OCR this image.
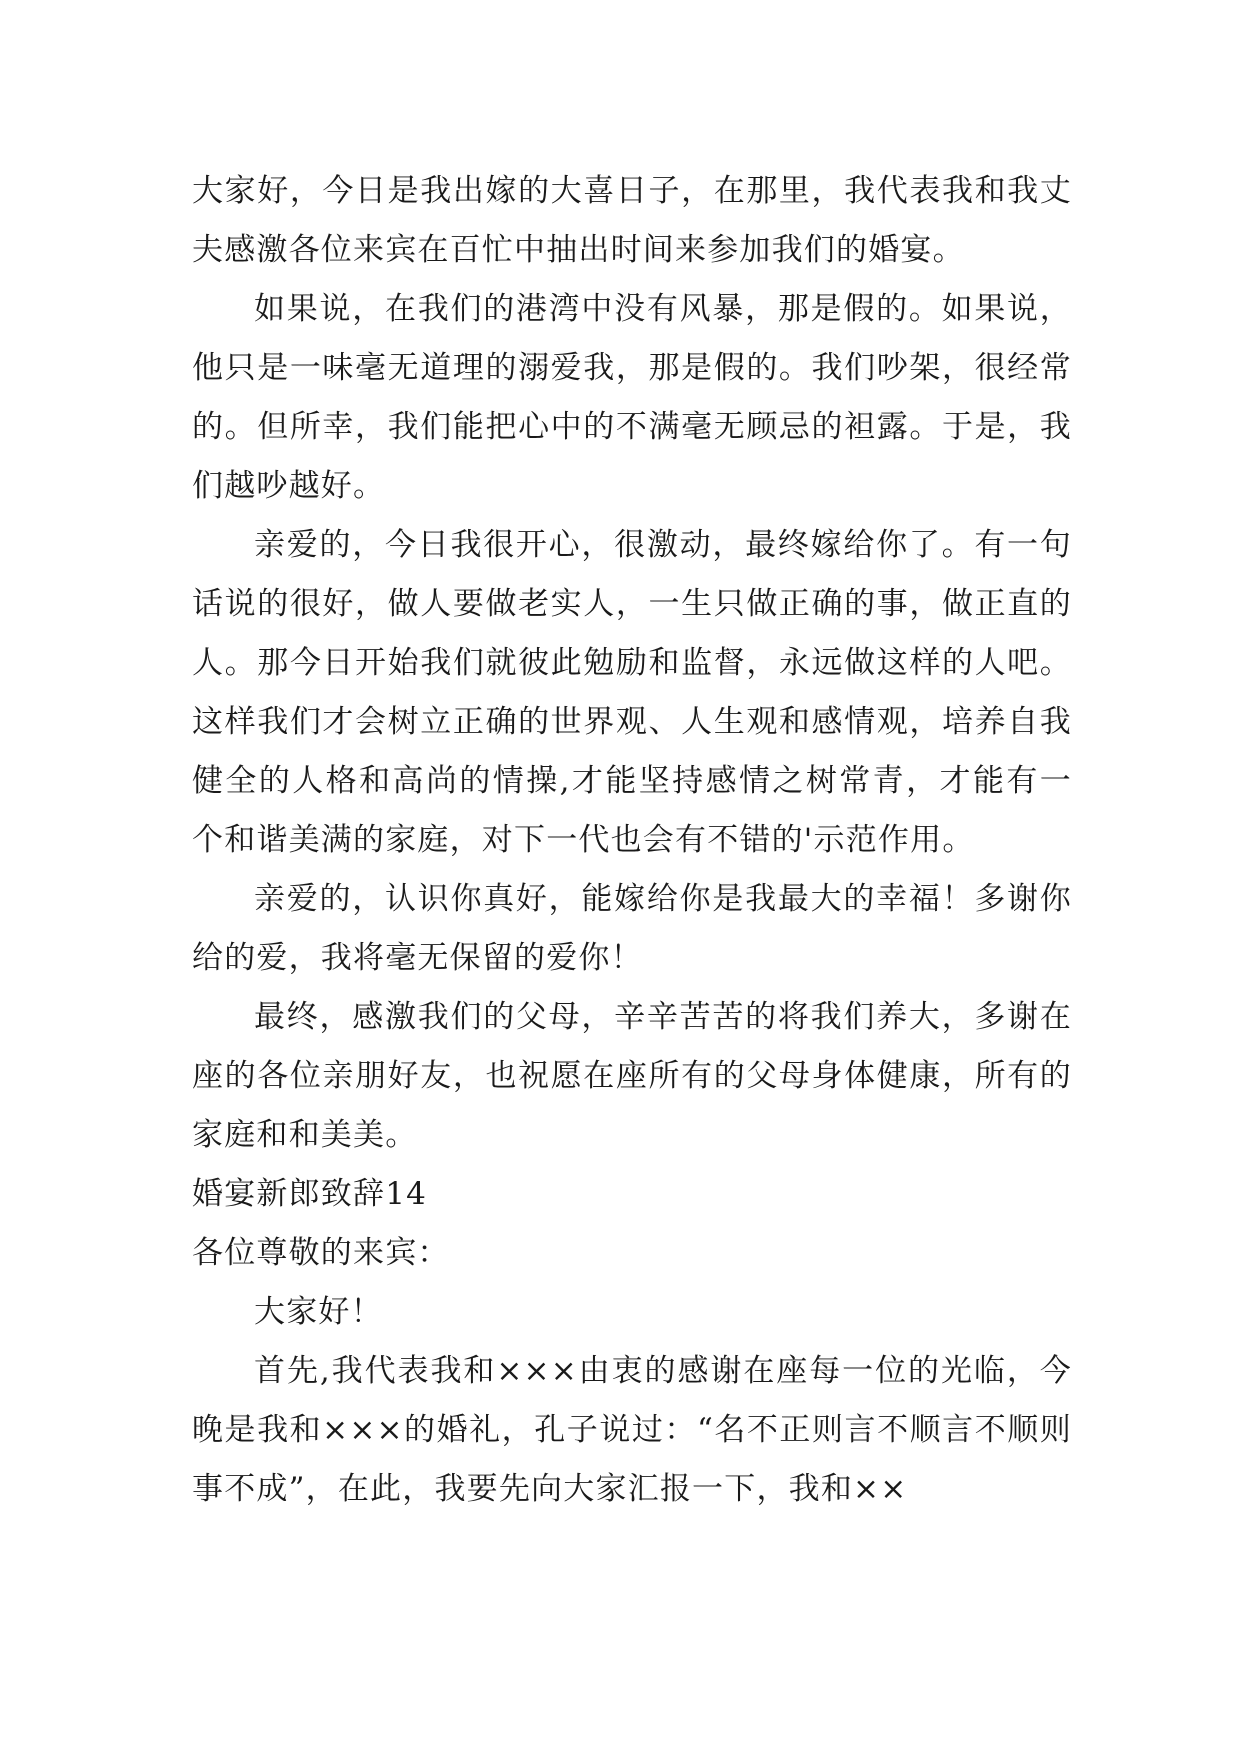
大家好，今日是我出嫁的大喜日子，在那里，我代表我和我丈夫感激各位来宾在百忙中抽出时间来参加我们的婚宴。

如果说，在我们的港湾中没有风暴，那是假的。如果说，他只是一味毫无道理的溺爱我，那是假的。我们吵架，很经常的。但所幸，我们能把心中的不满毫无顾忌的袒露。于是，我们越吵越好。

亲爱的，今日我很开心，很激动，最终嫁给你了。有一句话说的很好，做人要做老实人，一生只做正确的事，做正直的人。那今日开始我们就彼此勉励和监督，永远做这样的人吧。这样我们才会树立正确的世界观、人生观和感情观，培养自我健全的人格和高尚的情操,才能坚持感情之树常青，才能有一个和谐美满的家庭，对下一代也会有不错的'示范作用。

亲爱的，认识你真好，能嫁给你是我最大的幸福！多谢你给的爱，我将毫无保留的爱你！

最终，感激我们的父母，辛辛苦苦的将我们养大，多谢在座的各位亲朋好友，也祝愿在座所有的父母身体健康，所有的家庭和和美美。

婚宴新郎致辞14

各位尊敬的来宾：

大家好！

首先,我代表我和×××由衷的感谢在座每一位的光临，今晚是我和×××的婚礼，孔子说过：“名不正则言不顺言不顺则事不成”，在此，我要先向大家汇报一下，我和××
